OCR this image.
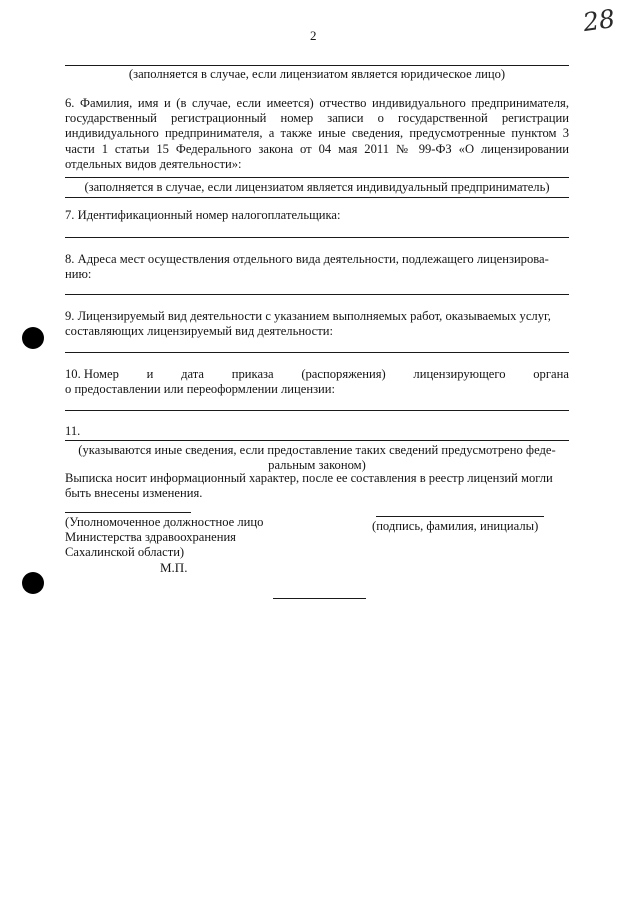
2	28
(заполняется в случае, если лицензиатом является юридическое лицо)
6. Фамилия, имя и (в случае, если имеется) отчество индивидуального предпринимателя, государственный регистрационный номер записи о государственной регистрации индивидуального предпринимателя, а также иные сведения, предусмотренные пунктом 3 части 1 статьи 15 Федерального закона от 04 мая 2011 № 99-ФЗ «О лицензировании отдельных видов деятельности»:
(заполняется в случае, если лицензиатом является индивидуальный предприниматель)
7. Идентификационный номер налогоплательщика:
8. Адреса мест осуществления отдельного вида деятельности, подлежащего лицензирова-
нию:
9. Лицензируемый вид деятельности с указанием выполняемых работ, оказываемых услуг,
составляющих лицензируемый вид деятельности:
10. Номер и дата приказа (распоряжения) лицензирующего органа
о предоставлении или переоформлении лицензии:
11.
(указываются иные сведения, если предоставление таких сведений предусмотрено феде-
ральным законом)
Выписка носит информационный характер, после ее составления в реестр лицензий могли
быть внесены изменения.
(Уполномоченное должностное лицо
Министерства здравоохранения
Сахалинской области)
(подпись, фамилия, инициалы)
М.П.
